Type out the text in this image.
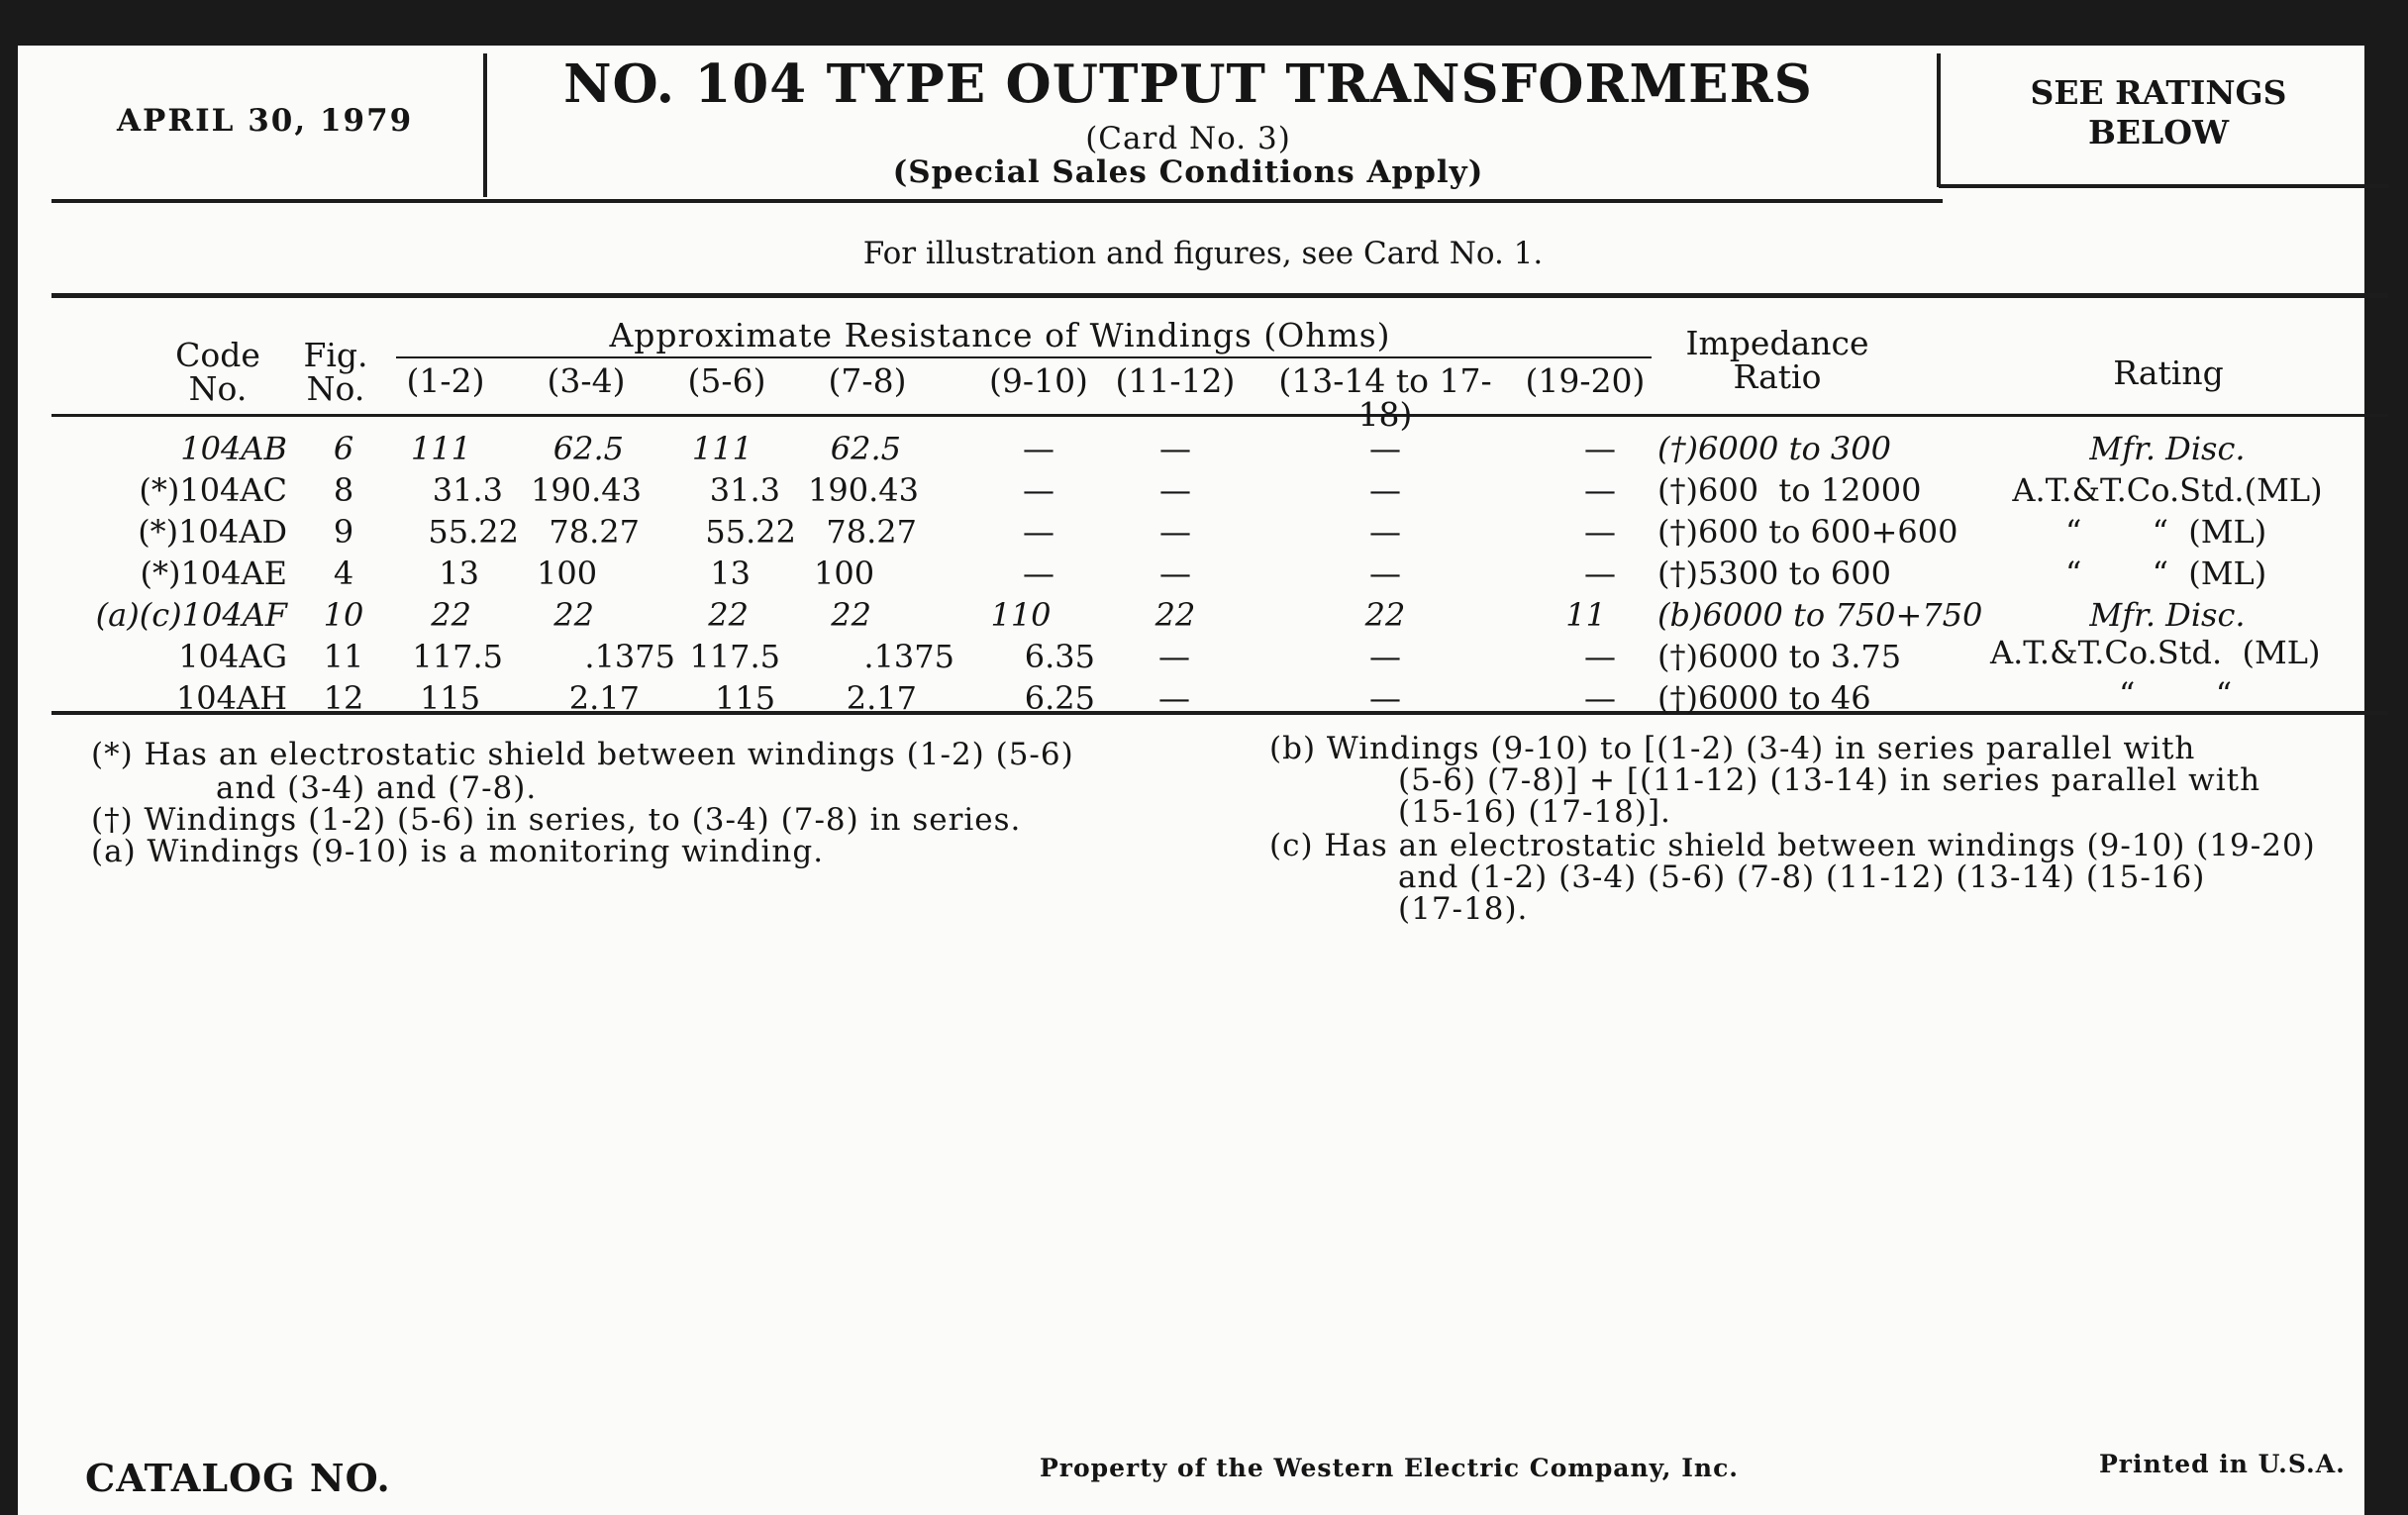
APRIL 30, 1979
NO. 104 TYPE OUTPUT TRANSFORMERS
(Card No. 3)
(Special Sales Conditions Apply)
SEE RATINGS
BELOW
For illustration and figures, see Card No. 1.
Code
No.
Fig.
No.
Approximate Resistance of Windings (Ohms)
(1-2)	(3-4)	(5-6)	(7-8)	(9-10) (11-12)	(13-14 to 17-18)
(19-20)
Impedance
Ratio	Rating
104AB	6	111	62.5	111	62.5	—	—	—	— (†)6000 to 300	Mfr. Disc.
(*)104AC	8	31.3 190.43	31.3 190.43	—	—	—	— (†)600  to 12000	A.T.&T.Co.Std.(ML)
(*)104AD	9	55.22 78.27	55.22 78.27	—	—	—	— (†)600 to 600+600	“       “  (ML)
(*)104AE	4	13 100	13 100	—	—	—	— (†)5300 to 600	“       “  (ML)
(a)(c)104AF	10	22	22	22	22	110	22	22	11 (b)6000 to 750+750	Mfr. Disc.
104AG	11	117.5	.1375 117.5	.1375	6.35 —	—	— (†)6000 to 3.75	A.T.&T.Co.Std.  (ML)
104AH	12	115	2.17 115	2.17	6.25 —	—	— (†)6000 to 46	“        “
(*) Has an electrostatic shield between windings (1-2) (5-6)
and (3-4) and (7-8).
(†) Windings (1-2) (5-6) in series, to (3-4) (7-8) in series.
(a) Windings (9-10) is a monitoring winding.
(b) Windings (9-10) to [(1-2) (3-4) in series parallel with
(5-6) (7-8)] + [(11-12) (13-14) in series parallel with
(15-16) (17-18)].
(c) Has an electrostatic shield between windings (9-10) (19-20)
and (1-2) (3-4) (5-6) (7-8) (11-12) (13-14) (15-16)
(17-18).
CATALOG NO.	Property of the Western Electric Company, Inc.	Printed in U.S.A.
